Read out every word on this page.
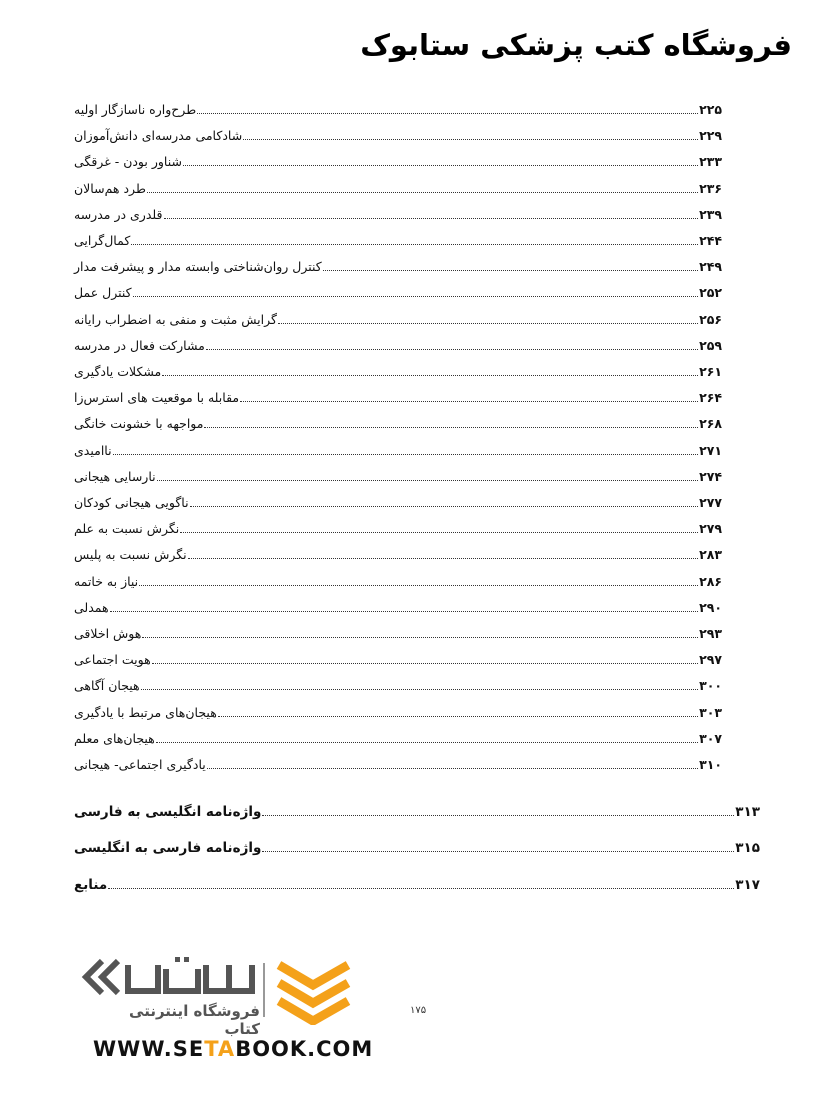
فروشگاه کتب پزشکی ستابوک
طرح‌واره ناسازگار اولیه	۲۲۵
شادکامی مدرسه‌ای دانش‌آموزان	۲۲۹
شناور بودن - غرقگی	۲۳۳
طرد هم‌سالان	۲۳۶
قلدری در مدرسه	۲۳۹
کمال‌گرایی	۲۴۴
کنترل روان‌شناختی وابسته مدار و پیشرفت مدار	۲۴۹
کنترل عمل	۲۵۲
گرایش مثبت و منفی به اضطراب رایانه	۲۵۶
مشارکت فعال در مدرسه	۲۵۹
مشکلات یادگیری	۲۶۱
مقابله با موقعیت های استرس‌زا	۲۶۴
مواجهه با خشونت خانگی	۲۶۸
ناامیدی	۲۷۱
نارسایی هیجانی	۲۷۴
ناگویی هیجانی کودکان	۲۷۷
نگرش نسبت به علم	۲۷۹
نگرش نسبت به پلیس	۲۸۳
نیاز به خاتمه	۲۸۶
همدلی	۲۹۰
هوش اخلاقی	۲۹۳
هویت اجتماعی	۲۹۷
هیجان آگاهی	۳۰۰
هیجان‌های مرتبط با یادگیری	۳۰۳
هیجان‌های معلم	۳۰۷
یادگیری اجتماعی- هیجانی	۳۱۰
واژه‌نامه انگلیسی به فارسی	۳۱۳
واژه‌نامه فارسی به انگلیسی	۳۱۵
منابع	۳۱۷
فروشگاه اینترنتی کتاب
WWW.SETABOOK.COM
۱۷۵
